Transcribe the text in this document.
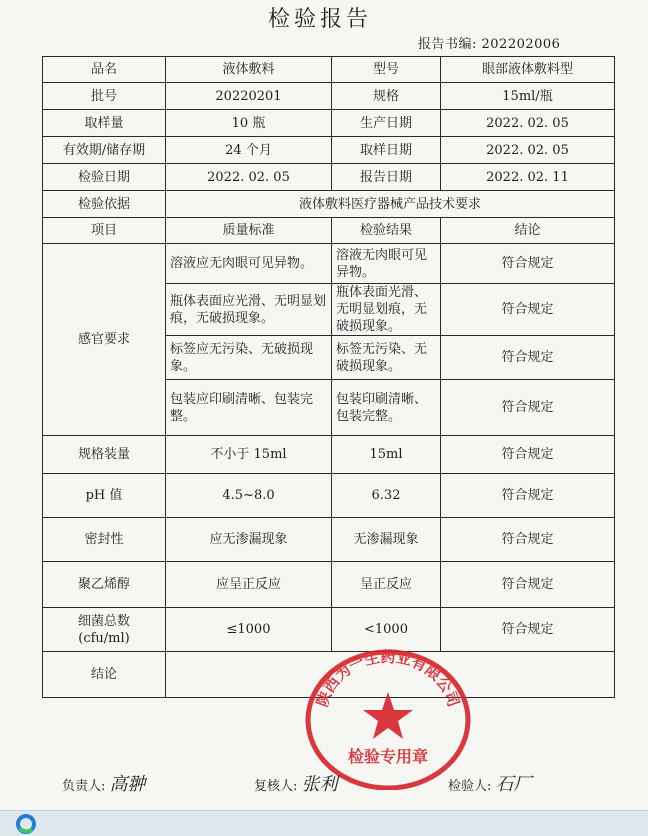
检验报告
报告书编: 202202006
品名	液体敷料	型号	眼部液体敷料型
批号	20220201	规格	15ml/瓶
取样量	10 瓶	生产日期	2022. 02. 05
有效期/储存期	24 个月	取样日期	2022. 02. 05
检验日期	2022. 02. 05	报告日期	2022. 02. 11
检验依据	液体敷料医疗器械产品技术要求		
项目	质量标准	检验结果	结论
感官要求	溶液应无肉眼可见异物。	溶液无肉眼可见异物。	符合规定
	瓶体表面应光滑、无明显划痕，无破损现象。	瓶体表面光滑、无明显划痕，无破损现象。	符合规定
	标签应无污染、无破损现象。	标签无污染、无破损现象。	符合规定
	包装应印刷清晰、包装完整。	包装印刷清晰、包装完整。	符合规定
规格装量	不小于 15ml	15ml	符合规定
pH 值	4.5~8.0	6.32	符合规定
密封性	应无渗漏现象	无渗漏现象	符合规定
聚乙烯醇	应呈正反应	呈正反应	符合规定
细菌总数
(cfu/ml)	≤1000	<1000	符合规定
结论			
陕西为一生药业有限公司
检验专用章
负责人: 高翀	复核人: 张利	检验人: 石厂
